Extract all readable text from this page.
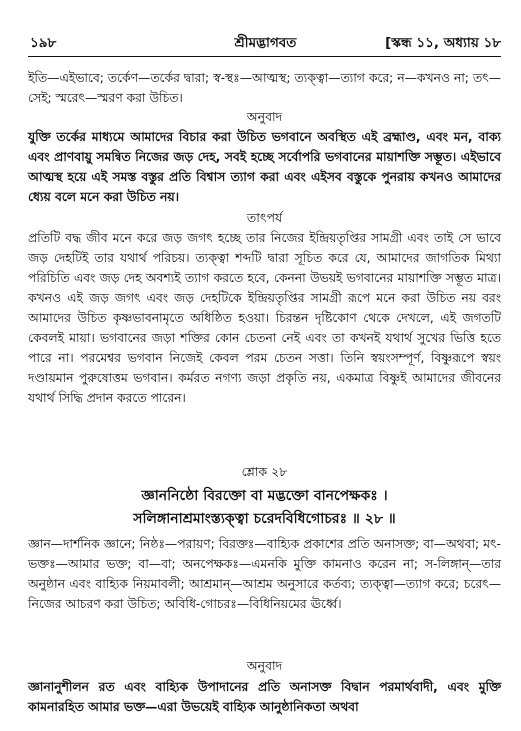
১৯৮	শ্রীমদ্ভাগবত	[স্কন্ধ ১১, অধ্যায় ১৮

ইতি—এইভাবে; তর্কেণ—তর্কের দ্বারা; স্ব-স্থঃ—আত্মস্থ; ত্যক্ত্বা—ত্যাগ করে; ন—কখনও না; তৎ—সেই; স্মরেৎ—স্মরণ করা উচিত।

অনুবাদ

যুক্তি তর্কের মাধ্যমে আমাদের বিচার করা উচিত ভগবানে অবস্থিত এই ব্রহ্মাণ্ড, এবং মন, বাক্য এবং প্রাণবায়ু সমন্বিত নিজের জড় দেহ, সবই হচ্ছে সর্বোপরি ভগবানের মায়াশক্তি সম্ভূত। এইভাবে আত্মস্থ হয়ে এই সমস্ত বস্তুর প্রতি বিশ্বাস ত্যাগ করা এবং এইসব বস্তুকে পুনরায় কখনও আমাদের ধ্যেয় বলে মনে করা উচিত নয়।

তাৎপর্য

প্রতিটি বদ্ধ জীব মনে করে জড় জগৎ হচ্ছে তার নিজের ইন্দ্রিয়তৃপ্তির সামগ্রী এবং তাই সে ভাবে জড় দেহটিই তার যথার্থ পরিচয়। ত্যক্ত্বা শব্দটি দ্বারা সূচিত করে যে, আমাদের জাগতিক মিথ্যা পরিচিতি এবং জড় দেহ অবশ্যই ত্যাগ করতে হবে, কেননা উভয়ই ভগবানের মায়াশক্তি সম্ভূত মাত্র। কখনও এই জড় জগৎ এবং জড় দেহটিকে ইন্দ্রিয়তৃপ্তির সামগ্রী রূপে মনে করা উচিত নয় বরং আমাদের উচিত কৃষ্ণভাবনামৃতে অধিষ্ঠিত হওয়া। চিরন্তন দৃষ্টিকোণ থেকে দেখলে, এই জগতটি কেবলই মায়া। ভগবানের জড়া শক্তির কোন চেতনা নেই এবং তা কখনই যথার্থ সুখের ভিত্তি হতে পারে না। পরমেশ্বর ভগবান নিজেই কেবল পরম চেতন সত্তা। তিনি স্বয়ংসম্পূর্ণ, বিষ্ণুরূপে স্বয়ং দণ্ডায়মান পুরুষোত্তম ভগবান। কর্মরত নগণ্য জড়া প্রকৃতি নয়, একমাত্র বিষ্ণুই আমাদের জীবনের যথার্থ সিদ্ধি প্রদান করতে পারেন।

শ্লোক ২৮
জ্ঞাননিষ্ঠো বিরক্তো বা মদ্ভক্তো বানপেক্ষকঃ ।
সলিঙ্গানাশ্রমাংস্ত্যক্ত্বা চরেদবিধিগোচরঃ ॥ ২৮ ॥

জ্ঞান—দার্শনিক জ্ঞানে; নিষ্ঠঃ—পরায়ণ; বিরক্তঃ—বাহ্যিক প্রকাশের প্রতি অনাসক্ত; বা—অথবা; মৎ-ভক্তঃ—আমার ভক্ত; বা—বা; অনপেক্ষকঃ—এমনকি মুক্তি কামনাও করেন না; স-লিঙ্গান্—তার অনুষ্ঠান এবং বাহ্যিক নিয়মাবলী; আশ্রমান্—আশ্রম অনুসারে কর্তব্য; ত্যক্ত্বা—ত্যাগ করে; চরেৎ—নিজের আচরণ করা উচিত; অবিধি-গোচরঃ—বিধিনিয়মের ঊর্ধ্বে।

অনুবাদ

জ্ঞানানুশীলন রত এবং বাহ্যিক উপাদানের প্রতি অনাসক্ত বিদ্বান পরমার্থবাদী, এবং মুক্তি কামনারহিত আমার ভক্ত—এরা উভয়েই বাহ্যিক আনুষ্ঠানিকতা অথবা
